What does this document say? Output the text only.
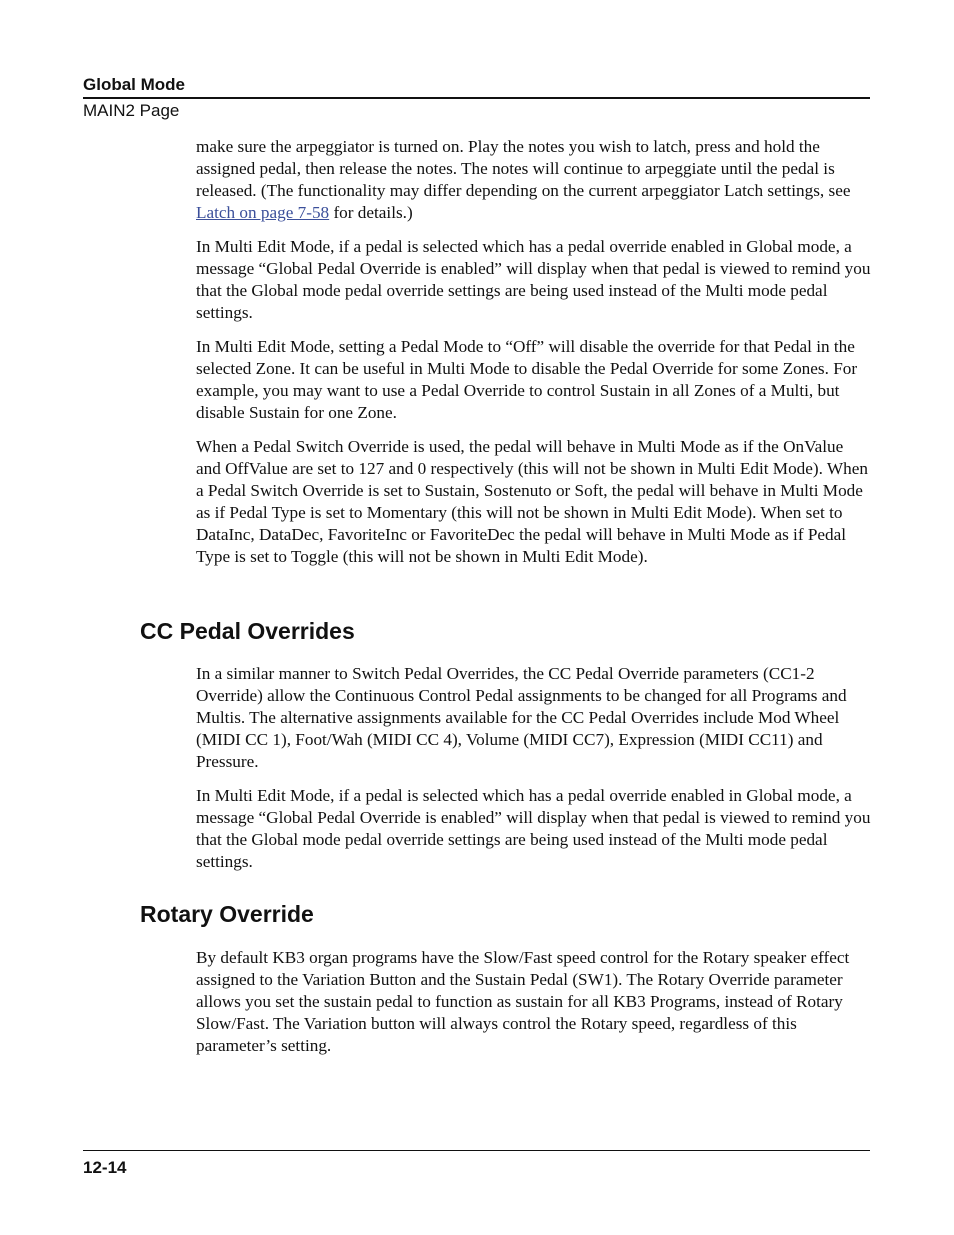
Global Mode
MAIN2 Page

make sure the arpeggiator is turned on. Play the notes you wish to latch, press and hold the assigned pedal, then release the notes. The notes will continue to arpeggiate until the pedal is released. (The functionality may differ depending on the current arpeggiator Latch settings, see Latch on page 7-58 for details.)

In Multi Edit Mode, if a pedal is selected which has a pedal override enabled in Global mode, a message “Global Pedal Override is enabled” will display when that pedal is viewed to remind you that the Global mode pedal override settings are being used instead of the Multi mode pedal settings.

In Multi Edit Mode, setting a Pedal Mode to “Off” will disable the override for that Pedal in the selected Zone. It can be useful in Multi Mode to disable the Pedal Override for some Zones. For example, you may want to use a Pedal Override to control Sustain in all Zones of a Multi, but disable Sustain for one Zone.

When a Pedal Switch Override is used, the pedal will behave in Multi Mode as if the OnValue and OffValue are set to 127 and 0 respectively (this will not be shown in Multi Edit Mode). When a Pedal Switch Override is set to Sustain, Sostenuto or Soft, the pedal will behave in Multi Mode as if Pedal Type is set to Momentary (this will not be shown in Multi Edit Mode). When set to DataInc, DataDec, FavoriteInc or FavoriteDec the pedal will behave in Multi Mode as if Pedal Type is set to Toggle (this will not be shown in Multi Edit Mode).

CC Pedal Overrides

In a similar manner to Switch Pedal Overrides, the CC Pedal Override parameters (CC1-2 Override) allow the Continuous Control Pedal assignments to be changed for all Programs and Multis. The alternative assignments available for the CC Pedal Overrides include Mod Wheel (MIDI CC 1), Foot/Wah (MIDI CC 4), Volume (MIDI CC7), Expression (MIDI CC11) and Pressure.

In Multi Edit Mode, if a pedal is selected which has a pedal override enabled in Global mode, a message “Global Pedal Override is enabled” will display when that pedal is viewed to remind you that the Global mode pedal override settings are being used instead of the Multi mode pedal settings.

Rotary Override

By default KB3 organ programs have the Slow/Fast speed control for the Rotary speaker effect assigned to the Variation Button and the Sustain Pedal (SW1). The Rotary Override parameter allows you set the sustain pedal to function as sustain for all KB3 Programs, instead of Rotary Slow/Fast. The Variation button will always control the Rotary speed, regardless of this parameter’s setting.

12-14
